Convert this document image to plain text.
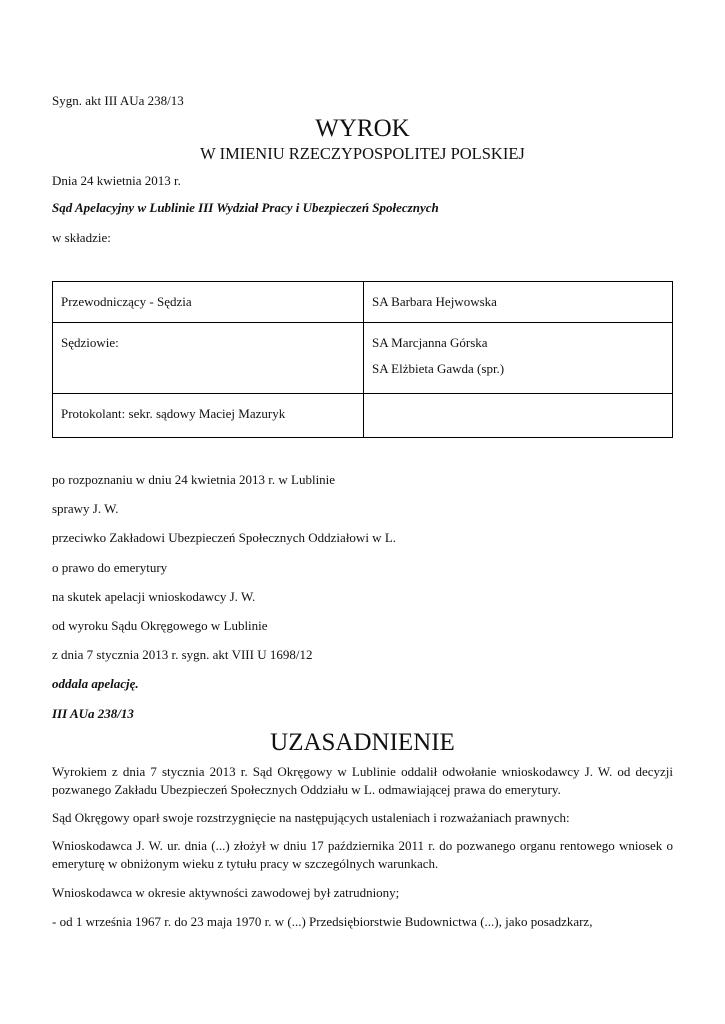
Sygn. akt III AUa 238/13
WYROK
W IMIENIU RZECZYPOSPOLITEJ POLSKIEJ
Dnia 24 kwietnia 2013 r.
Sąd Apelacyjny w Lublinie III Wydział Pracy i Ubezpieczeń Społecznych
w składzie:
Przewodniczący - Sędzia	SA Barbara Hejwowska

Sędziowie:	SA Marcjanna Górska
SA Elżbieta Gawda (spr.)

Protokolant: sekr. sądowy Maciej Mazuryk	

po rozpoznaniu w dniu 24 kwietnia 2013 r. w Lublinie
sprawy J. W.
przeciwko Zakładowi Ubezpieczeń Społecznych Oddziałowi w L.
o prawo do emerytury
na skutek apelacji wnioskodawcy J. W.
od wyroku Sądu Okręgowego w Lublinie
z dnia 7 stycznia 2013 r. sygn. akt VIII U 1698/12
oddala apelację.
III AUa 238/13
UZASADNIENIE
Wyrokiem z dnia 7 stycznia 2013 r. Sąd Okręgowy w Lublinie oddalił odwołanie wnioskodawcy J. W. od decyzji pozwanego Zakładu Ubezpieczeń Społecznych Oddziału w L. odmawiającej prawa do emerytury.
Sąd Okręgowy oparł swoje rozstrzygnięcie na następujących ustaleniach i rozważaniach prawnych:
Wnioskodawca J. W. ur. dnia (...) złożył w dniu 17 października 2011 r. do pozwanego organu rentowego wniosek o emeryturę w obniżonym wieku z tytułu pracy w szczególnych warunkach.
Wnioskodawca w okresie aktywności zawodowej był zatrudniony;
- od 1 września 1967 r. do 23 maja 1970 r. w (...) Przedsiębiorstwie Budownictwa (...), jako posadzkarz,
